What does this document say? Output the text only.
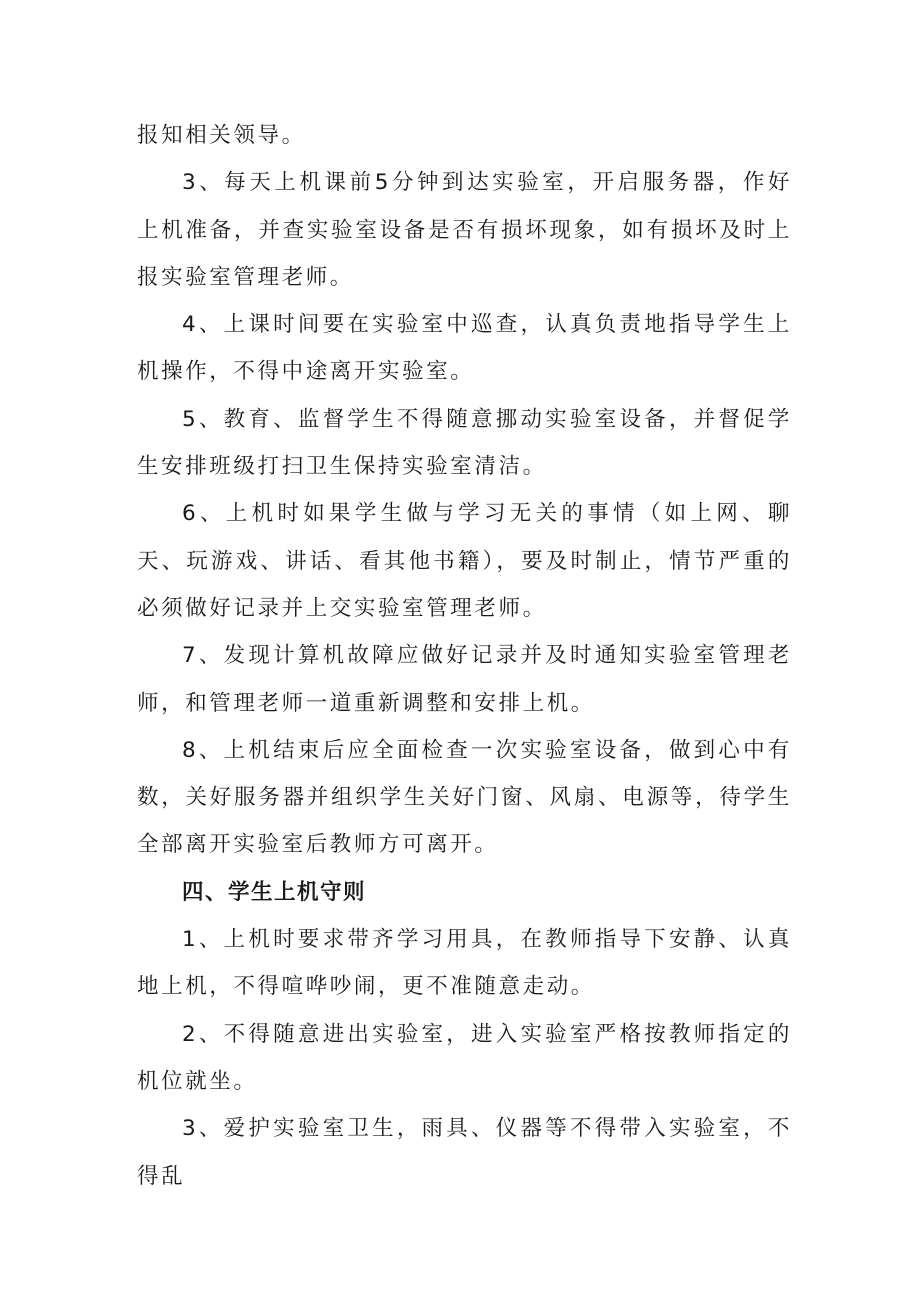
报知相关领导。

3、每天上机课前5分钟到达实验室，开启服务器，作好上机准备，并查实验室设备是否有损坏现象，如有损坏及时上报实验室管理老师。

4、上课时间要在实验室中巡查，认真负责地指导学生上机操作，不得中途离开实验室。

5、教育、监督学生不得随意挪动实验室设备，并督促学生安排班级打扫卫生保持实验室清洁。

6、上机时如果学生做与学习无关的事情（如上网、聊天、玩游戏、讲话、看其他书籍），要及时制止，情节严重的必须做好记录并上交实验室管理老师。

7、发现计算机故障应做好记录并及时通知实验室管理老师，和管理老师一道重新调整和安排上机。

8、上机结束后应全面检查一次实验室设备，做到心中有数，关好服务器并组织学生关好门窗、风扇、电源等，待学生全部离开实验室后教师方可离开。

四、学生上机守则

1、上机时要求带齐学习用具，在教师指导下安静、认真地上机，不得喧哗吵闹，更不准随意走动。

2、不得随意进出实验室，进入实验室严格按教师指定的机位就坐。

3、爱护实验室卫生，雨具、仪器等不得带入实验室，不得乱
